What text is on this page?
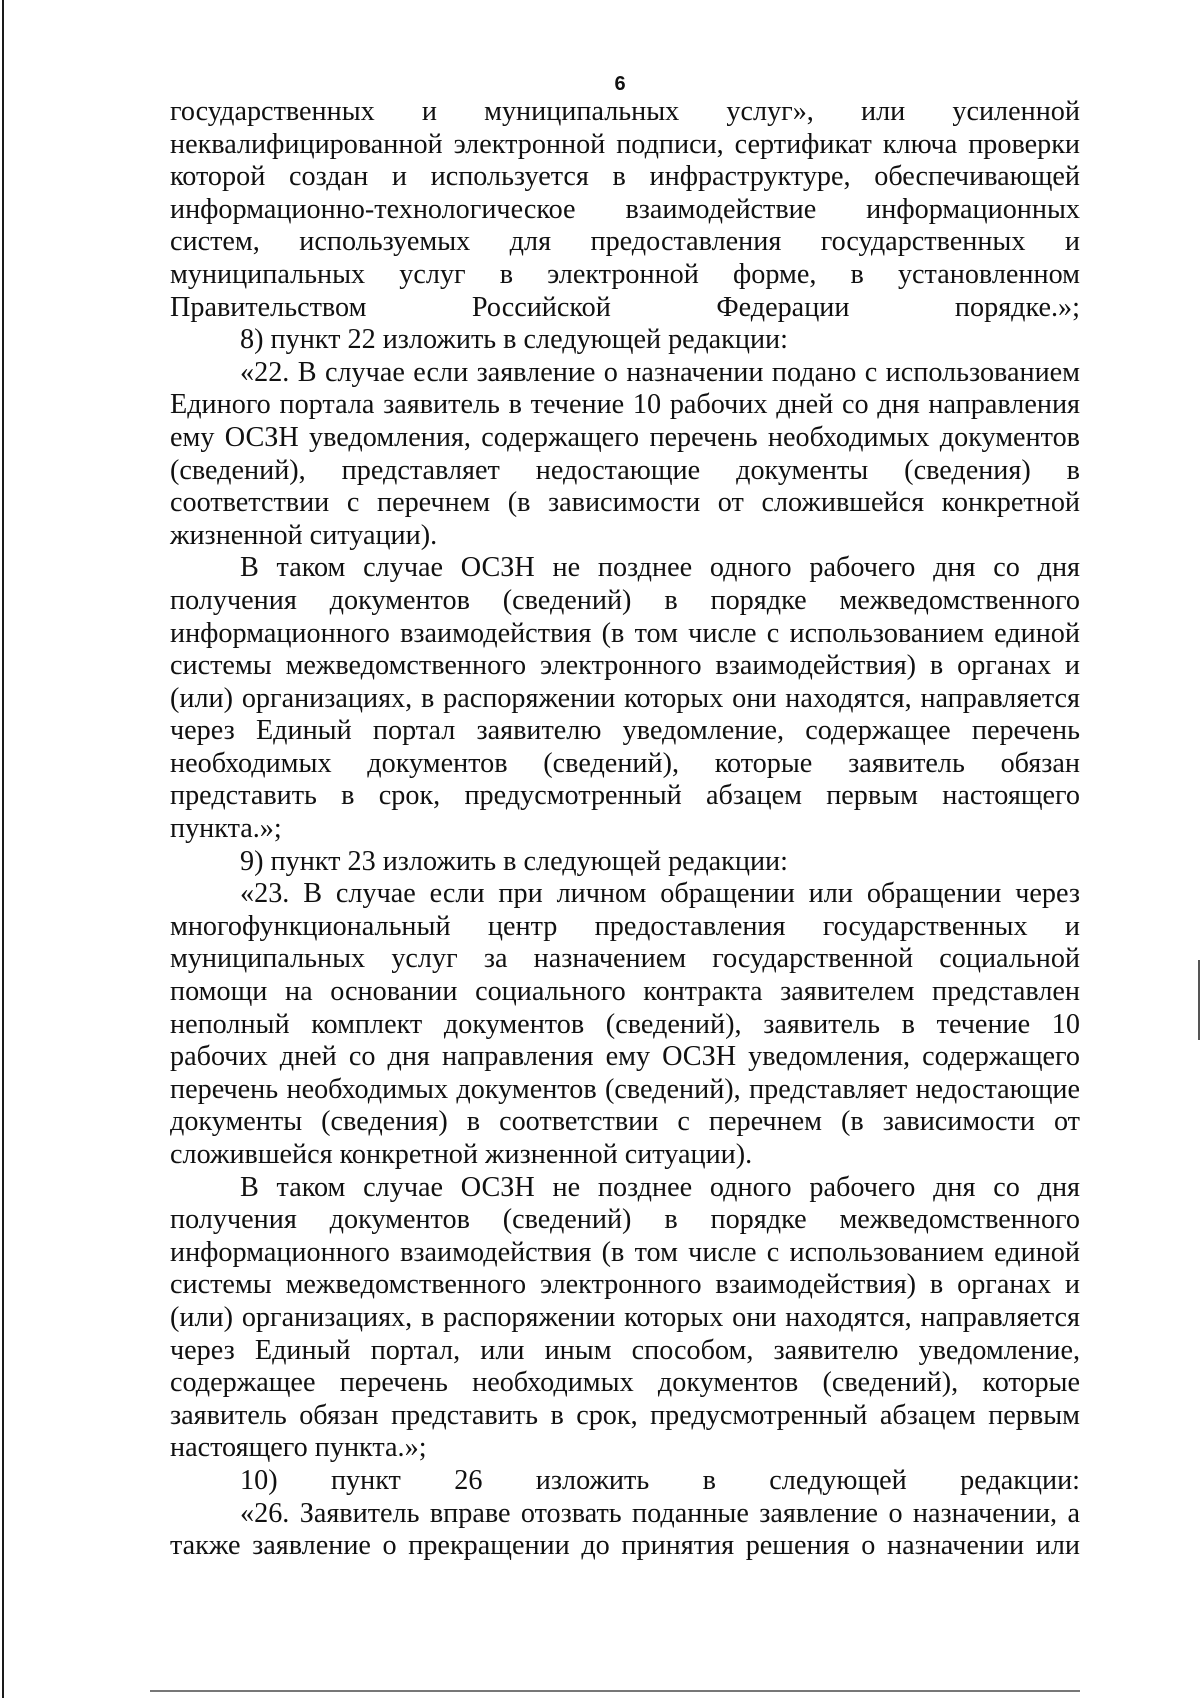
6

государственных и муниципальных услуг», или усиленной неквалифицированной электронной подписи, сертификат ключа проверки которой создан и используется в инфраструктуре, обеспечивающей информационно-технологическое взаимодействие информационных систем, используемых для предоставления государственных и муниципальных услуг в электронной форме, в установленном Правительством Российской Федерации порядке.»;

8) пункт 22 изложить в следующей редакции:

«22. В случае если заявление о назначении подано с использованием Единого портала заявитель в течение 10 рабочих дней со дня направления ему ОСЗН уведомления, содержащего перечень необходимых документов (сведений), представляет недостающие документы (сведения) в соответствии с перечнем (в зависимости от сложившейся конкретной жизненной ситуации).

В таком случае ОСЗН не позднее одного рабочего дня со дня получения документов (сведений) в порядке межведомственного информационного взаимодействия (в том числе с использованием единой системы межведомственного электронного взаимодействия) в органах и (или) организациях, в распоряжении которых они находятся, направляется через Единый портал заявителю уведомление, содержащее перечень необходимых документов (сведений), которые заявитель обязан представить в срок, предусмотренный абзацем первым настоящего пункта.»;

9) пункт 23 изложить в следующей редакции:

«23. В случае если при личном обращении или обращении через многофункциональный центр предоставления государственных и муниципальных услуг за назначением государственной социальной помощи на основании социального контракта заявителем представлен неполный комплект документов (сведений), заявитель в течение 10 рабочих дней со дня направления ему ОСЗН уведомления, содержащего перечень необходимых документов (сведений), представляет недостающие документы (сведения) в соответствии с перечнем (в зависимости от сложившейся конкретной жизненной ситуации).

В таком случае ОСЗН не позднее одного рабочего дня со дня получения документов (сведений) в порядке межведомственного информационного взаимодействия (в том числе с использованием единой системы межведомственного электронного взаимодействия) в органах и (или) организациях, в распоряжении которых они находятся, направляется через Единый портал, или иным способом, заявителю уведомление, содержащее перечень необходимых документов (сведений), которые заявитель обязан представить в срок, предусмотренный абзацем первым настоящего пункта.»;

10) пункт 26 изложить в следующей редакции:

«26. Заявитель вправе отозвать поданные заявление о назначении, а также заявление о прекращении до принятия решения о назначении или
